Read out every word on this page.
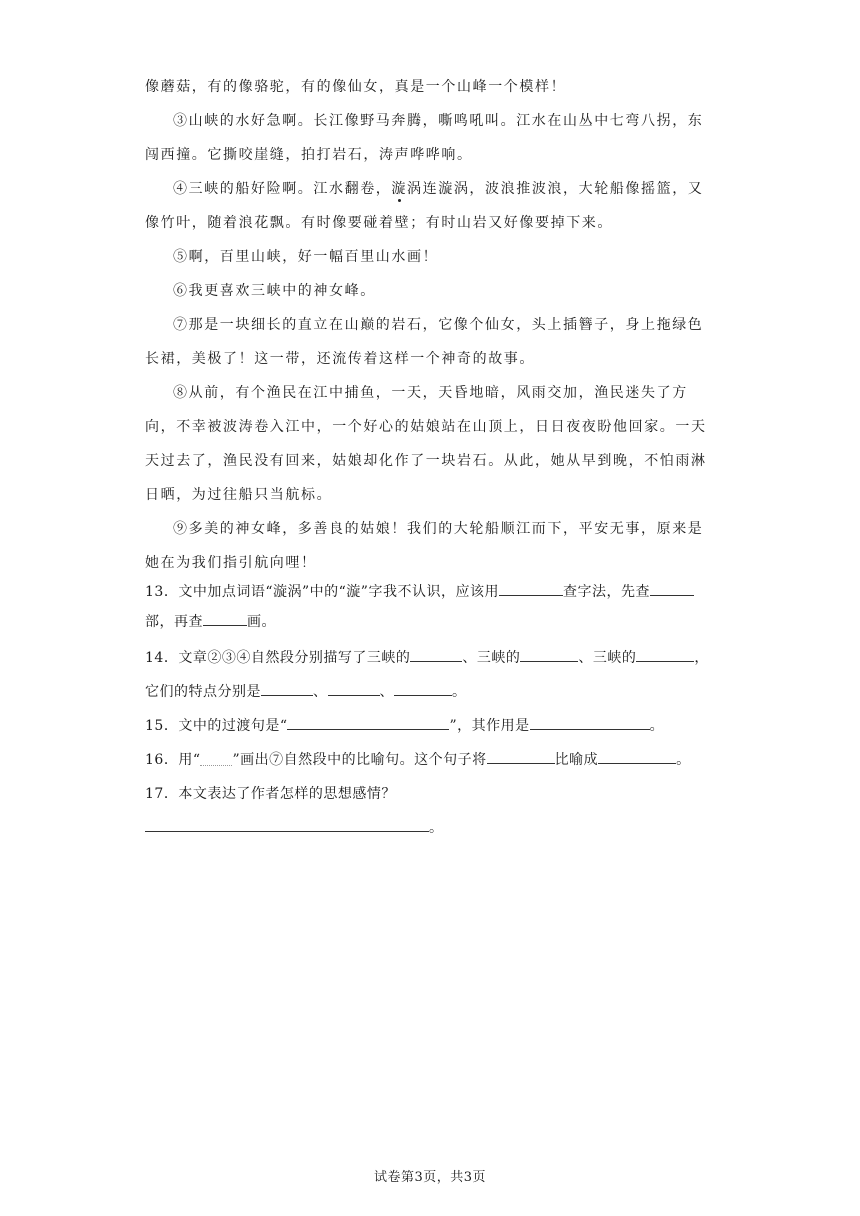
像蘑菇，有的像骆驼，有的像仙女，真是一个山峰一个模样！

③山峡的水好急啊。长江像野马奔腾，嘶鸣吼叫。江水在山丛中七弯八拐，东闯西撞。它撕咬崖缝，拍打岩石，涛声哗哗响。

④三峡的船好险啊。江水翻卷，漩涡连漩涡，波浪推波浪，大轮船像摇篮，又像竹叶，随着浪花飘。有时像要碰着壁；有时山岩又好像要掉下来。

⑤啊，百里山峡，好一幅百里山水画！

⑥我更喜欢三峡中的神女峰。

⑦那是一块细长的直立在山巅的岩石，它像个仙女，头上插簪子，身上拖绿色长裙，美极了！这一带，还流传着这样一个神奇的故事。

⑧从前，有个渔民在江中捕鱼，一天，天昏地暗，风雨交加，渔民迷失了方向，不幸被波涛卷入江中，一个好心的姑娘站在山顶上，日日夜夜盼他回家。一天天过去了，渔民没有回来，姑娘却化作了一块岩石。从此，她从早到晚，不怕雨淋日晒，为过往船只当航标。

⑨多美的神女峰，多善良的姑娘！我们的大轮船顺江而下，平安无事，原来是她在为我们指引航向哩！

13．文中加点词语“漩涡”中的“漩”字我不认识，应该用	查字法，先查
部，再查	画。
14．文章②③④自然段分别描写了三峡的	、三峡的	、三峡的	，
它们的特点分别是	、	、	。
15．文中的过渡句是“	”，其作用是	。
16．用“ ”画出⑦自然段中的比喻句。这个句子将	比喻成	。
17．本文表达了作者怎样的思想感情？
。
试卷第3页，共3页
